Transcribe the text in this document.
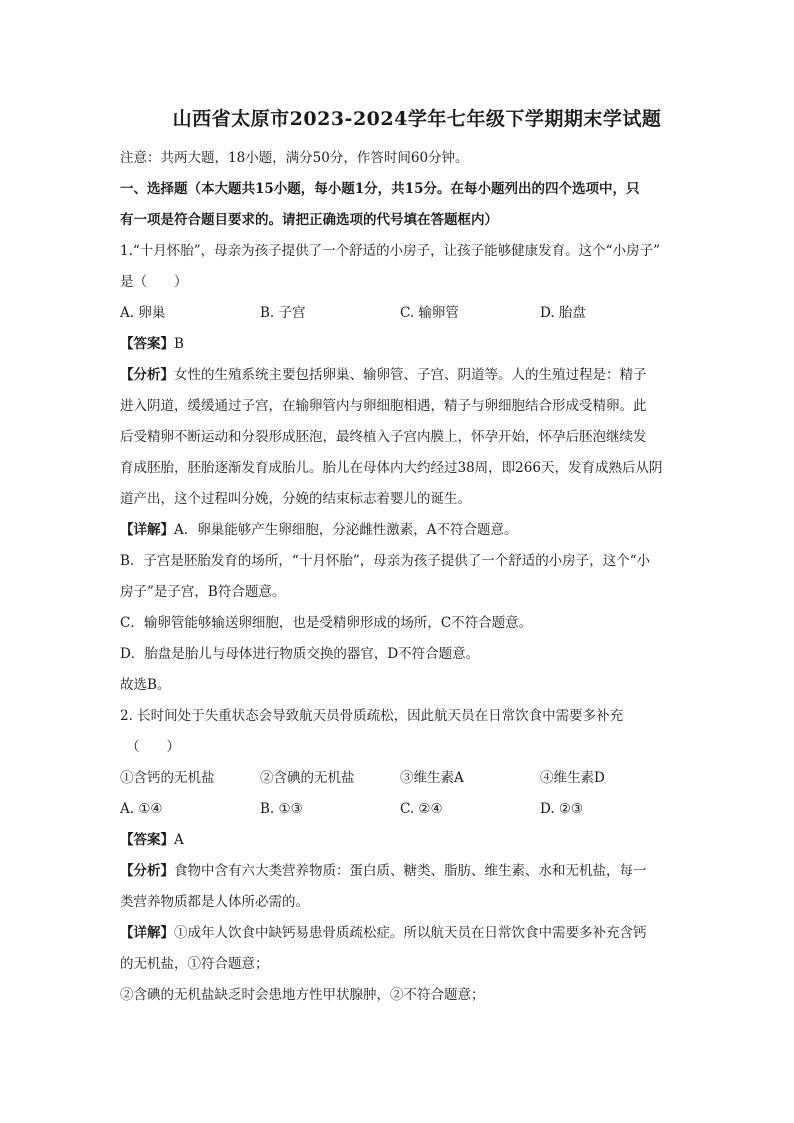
山西省太原市2023-2024学年七年级下学期期末学试题
注意：共两大题，18小题，满分50分，作答时间60分钟。
一、选择题（本大题共15小题，每小题1分，共15分。在每小题列出的四个选项中，只
有一项是符合题目要求的。请把正确选项的代号填在答题框内）
1.“十月怀胎”，母亲为孩子提供了一个舒适的小房子，让孩子能够健康发育。这个“小房子”
是（　　）
A. 卵巢	B. 子宫	C. 输卵管	D. 胎盘
【答案】B
【分析】女性的生殖系统主要包括卵巢、输卵管、子宫、阴道等。人的生殖过程是：精子
进入阴道，缓缓通过子宫，在输卵管内与卵细胞相遇，精子与卵细胞结合形成受精卵。此
后受精卵不断运动和分裂形成胚泡，最终植入子宫内膜上，怀孕开始，怀孕后胚泡继续发
育成胚胎，胚胎逐渐发育成胎儿。胎儿在母体内大约经过38周，即266天，发育成熟后从阴
道产出，这个过程叫分娩，分娩的结束标志着婴儿的诞生。
【详解】A．卵巢能够产生卵细胞，分泌雌性激素，A不符合题意。
B．子宫是胚胎发育的场所，“十月怀胎”，母亲为孩子提供了一个舒适的小房子，这个“小
房子”是子宫，B符合题意。
C．输卵管能够输送卵细胞，也是受精卵形成的场所，C不符合题意。
D．胎盘是胎儿与母体进行物质交换的器官，D不符合题意。
故选B。
2. 长时间处于失重状态会导致航天员骨质疏松，因此航天员在日常饮食中需要多补充
（　　）
①含钙的无机盐	②含碘的无机盐	③维生素A	④维生素D
A. ①④	B. ①③	C. ②④	D. ②③
【答案】A
【分析】食物中含有六大类营养物质：蛋白质、糖类、脂肪、维生素、水和无机盐，每一
类营养物质都是人体所必需的。
【详解】①成年人饮食中缺钙易患骨质疏松症。所以航天员在日常饮食中需要多补充含钙
的无机盐，①符合题意；
②含碘的无机盐缺乏时会患地方性甲状腺肿，②不符合题意；
